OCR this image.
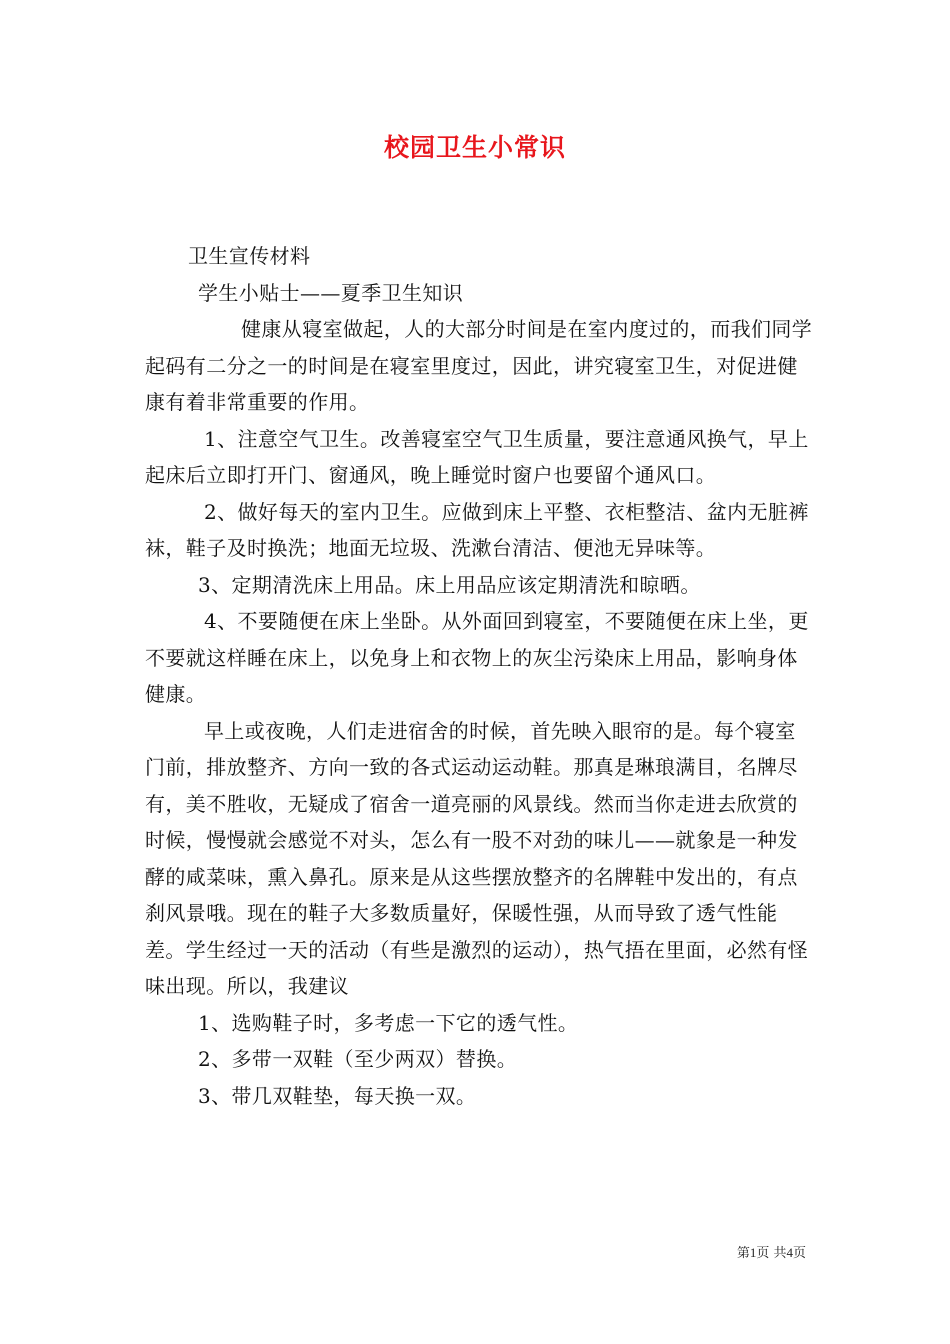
校园卫生小常识

卫生宣传材料

学生小贴士——夏季卫生知识

健康从寝室做起，人的大部分时间是在室内度过的，而我们同学起码有二分之一的时间是在寝室里度过，因此，讲究寝室卫生，对促进健康有着非常重要的作用。

1、注意空气卫生。改善寝室空气卫生质量，要注意通风换气，早上起床后立即打开门、窗通风，晚上睡觉时窗户也要留个通风口。

2、做好每天的室内卫生。应做到床上平整、衣柜整洁、盆内无脏裤袜，鞋子及时换洗；地面无垃圾、洗漱台清洁、便池无异味等。

3、定期清洗床上用品。床上用品应该定期清洗和晾晒。

4、不要随便在床上坐卧。从外面回到寝室，不要随便在床上坐，更不要就这样睡在床上，以免身上和衣物上的灰尘污染床上用品，影响身体健康。

早上或夜晚，人们走进宿舍的时候，首先映入眼帘的是。每个寝室门前，排放整齐、方向一致的各式运动运动鞋。那真是琳琅满目，名牌尽有，美不胜收，无疑成了宿舍一道亮丽的风景线。然而当你走进去欣赏的时候，慢慢就会感觉不对头，怎么有一股不对劲的味儿——就象是一种发酵的咸菜味，熏入鼻孔。原来是从这些摆放整齐的名牌鞋中发出的，有点刹风景哦。现在的鞋子大多数质量好，保暖性强，从而导致了透气性能差。学生经过一天的活动（有些是激烈的运动），热气捂在里面，必然有怪味出现。所以，我建议

1、选购鞋子时，多考虑一下它的透气性。

2、多带一双鞋（至少两双）替换。

3、带几双鞋垫，每天换一双。

第1页 共4页
